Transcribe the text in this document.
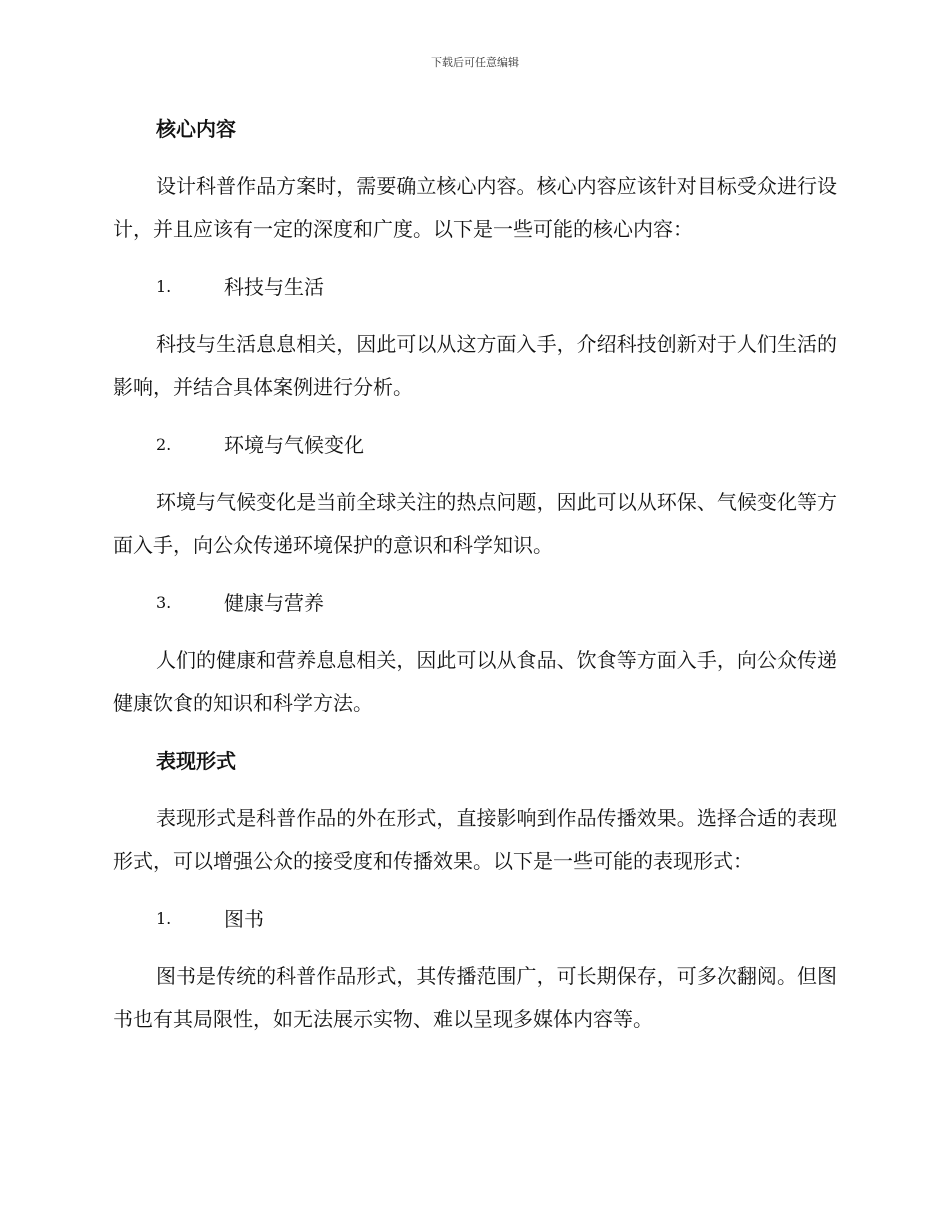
下载后可任意编辑
核心内容
设计科普作品方案时，需要确立核心内容。核心内容应该针对目标受众进行设计，并且应该有一定的深度和广度。以下是一些可能的核心内容：
1.	科技与生活
科技与生活息息相关，因此可以从这方面入手，介绍科技创新对于人们生活的影响，并结合具体案例进行分析。
2.	环境与气候变化
环境与气候变化是当前全球关注的热点问题，因此可以从环保、气候变化等方面入手，向公众传递环境保护的意识和科学知识。
3.	健康与营养
人们的健康和营养息息相关，因此可以从食品、饮食等方面入手，向公众传递健康饮食的知识和科学方法。
表现形式
表现形式是科普作品的外在形式，直接影响到作品传播效果。选择合适的表现形式，可以增强公众的接受度和传播效果。以下是一些可能的表现形式：
1.	图书
图书是传统的科普作品形式，其传播范围广，可长期保存，可多次翻阅。但图书也有其局限性，如无法展示实物、难以呈现多媒体内容等。
